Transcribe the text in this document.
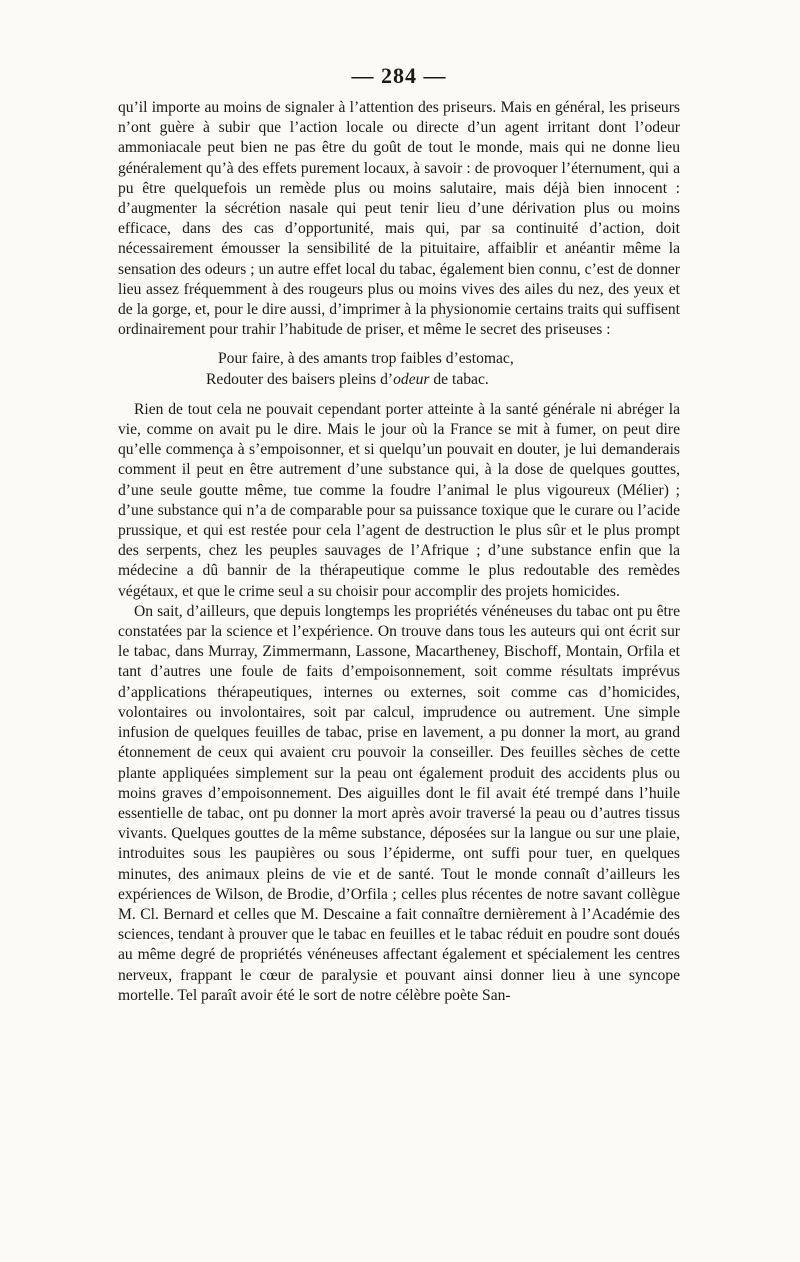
— 284 —

qu’il importe au moins de signaler à l’attention des priseurs. Mais en général, les priseurs n’ont guère à subir que l’action locale ou directe d’un agent irritant dont l’odeur ammoniacale peut bien ne pas être du goût de tout le monde, mais qui ne donne lieu généralement qu’à des effets purement locaux, à savoir : de provoquer l’éternument, qui a pu être quelquefois un remède plus ou moins salutaire, mais déjà bien innocent : d’augmenter la sécrétion nasale qui peut tenir lieu d’une dérivation plus ou moins efficace, dans des cas d’opportunité, mais qui, par sa continuité d’action, doit nécessairement émousser la sensibilité de la pituitaire, affaiblir et anéantir même la sensation des odeurs ; un autre effet local du tabac, également bien connu, c’est de donner lieu assez fréquemment à des rougeurs plus ou moins vives des ailes du nez, des yeux et de la gorge, et, pour le dire aussi, d’imprimer à la physionomie certains traits qui suffisent ordinairement pour trahir l’habitude de priser, et même le secret des priseuses :

Pour faire, à des amants trop faibles d’estomac,
Redouter des baisers pleins d’odeur de tabac.

Rien de tout cela ne pouvait cependant porter atteinte à la santé générale ni abréger la vie, comme on avait pu le dire. Mais le jour où la France se mit à fumer, on peut dire qu’elle commença à s’empoisonner, et si quelqu’un pouvait en douter, je lui demanderais comment il peut en être autrement d’une substance qui, à la dose de quelques gouttes, d’une seule goutte même, tue comme la foudre l’animal le plus vigoureux (Mélier) ; d’une substance qui n’a de comparable pour sa puissance toxique que le curare ou l’acide prussique, et qui est restée pour cela l’agent de destruction le plus sûr et le plus prompt des serpents, chez les peuples sauvages de l’Afrique ; d’une substance enfin que la médecine a dû bannir de la thérapeutique comme le plus redoutable des remèdes végétaux, et que le crime seul a su choisir pour accomplir des projets homicides.

On sait, d’ailleurs, que depuis longtemps les propriétés vénéneuses du tabac ont pu être constatées par la science et l’expérience. On trouve dans tous les auteurs qui ont écrit sur le tabac, dans Murray, Zimmermann, Lassone, Macartheney, Bischoff, Montain, Orfila et tant d’autres une foule de faits d’empoisonnement, soit comme résultats imprévus d’applications thérapeutiques, internes ou externes, soit comme cas d’homicides, volontaires ou involontaires, soit par calcul, imprudence ou autrement. Une simple infusion de quelques feuilles de tabac, prise en lavement, a pu donner la mort, au grand étonnement de ceux qui avaient cru pouvoir la conseiller. Des feuilles sèches de cette plante appliquées simplement sur la peau ont également produit des accidents plus ou moins graves d’empoisonnement. Des aiguilles dont le fil avait été trempé dans l’huile essentielle de tabac, ont pu donner la mort après avoir traversé la peau ou d’autres tissus vivants. Quelques gouttes de la même substance, déposées sur la langue ou sur une plaie, introduites sous les paupières ou sous l’épiderme, ont suffi pour tuer, en quelques minutes, des animaux pleins de vie et de santé. Tout le monde connaît d’ailleurs les expériences de Wilson, de Brodie, d’Orfila ; celles plus récentes de notre savant collègue M. Cl. Bernard et celles que M. Descaine a fait connaître dernièrement à l’Académie des sciences, tendant à prouver que le tabac en feuilles et le tabac réduit en poudre sont doués au même degré de propriétés vénéneuses affectant également et spécialement les centres nerveux, frappant le cœur de paralysie et pouvant ainsi donner lieu à une syncope mortelle. Tel paraît avoir été le sort de notre célèbre poète San-
